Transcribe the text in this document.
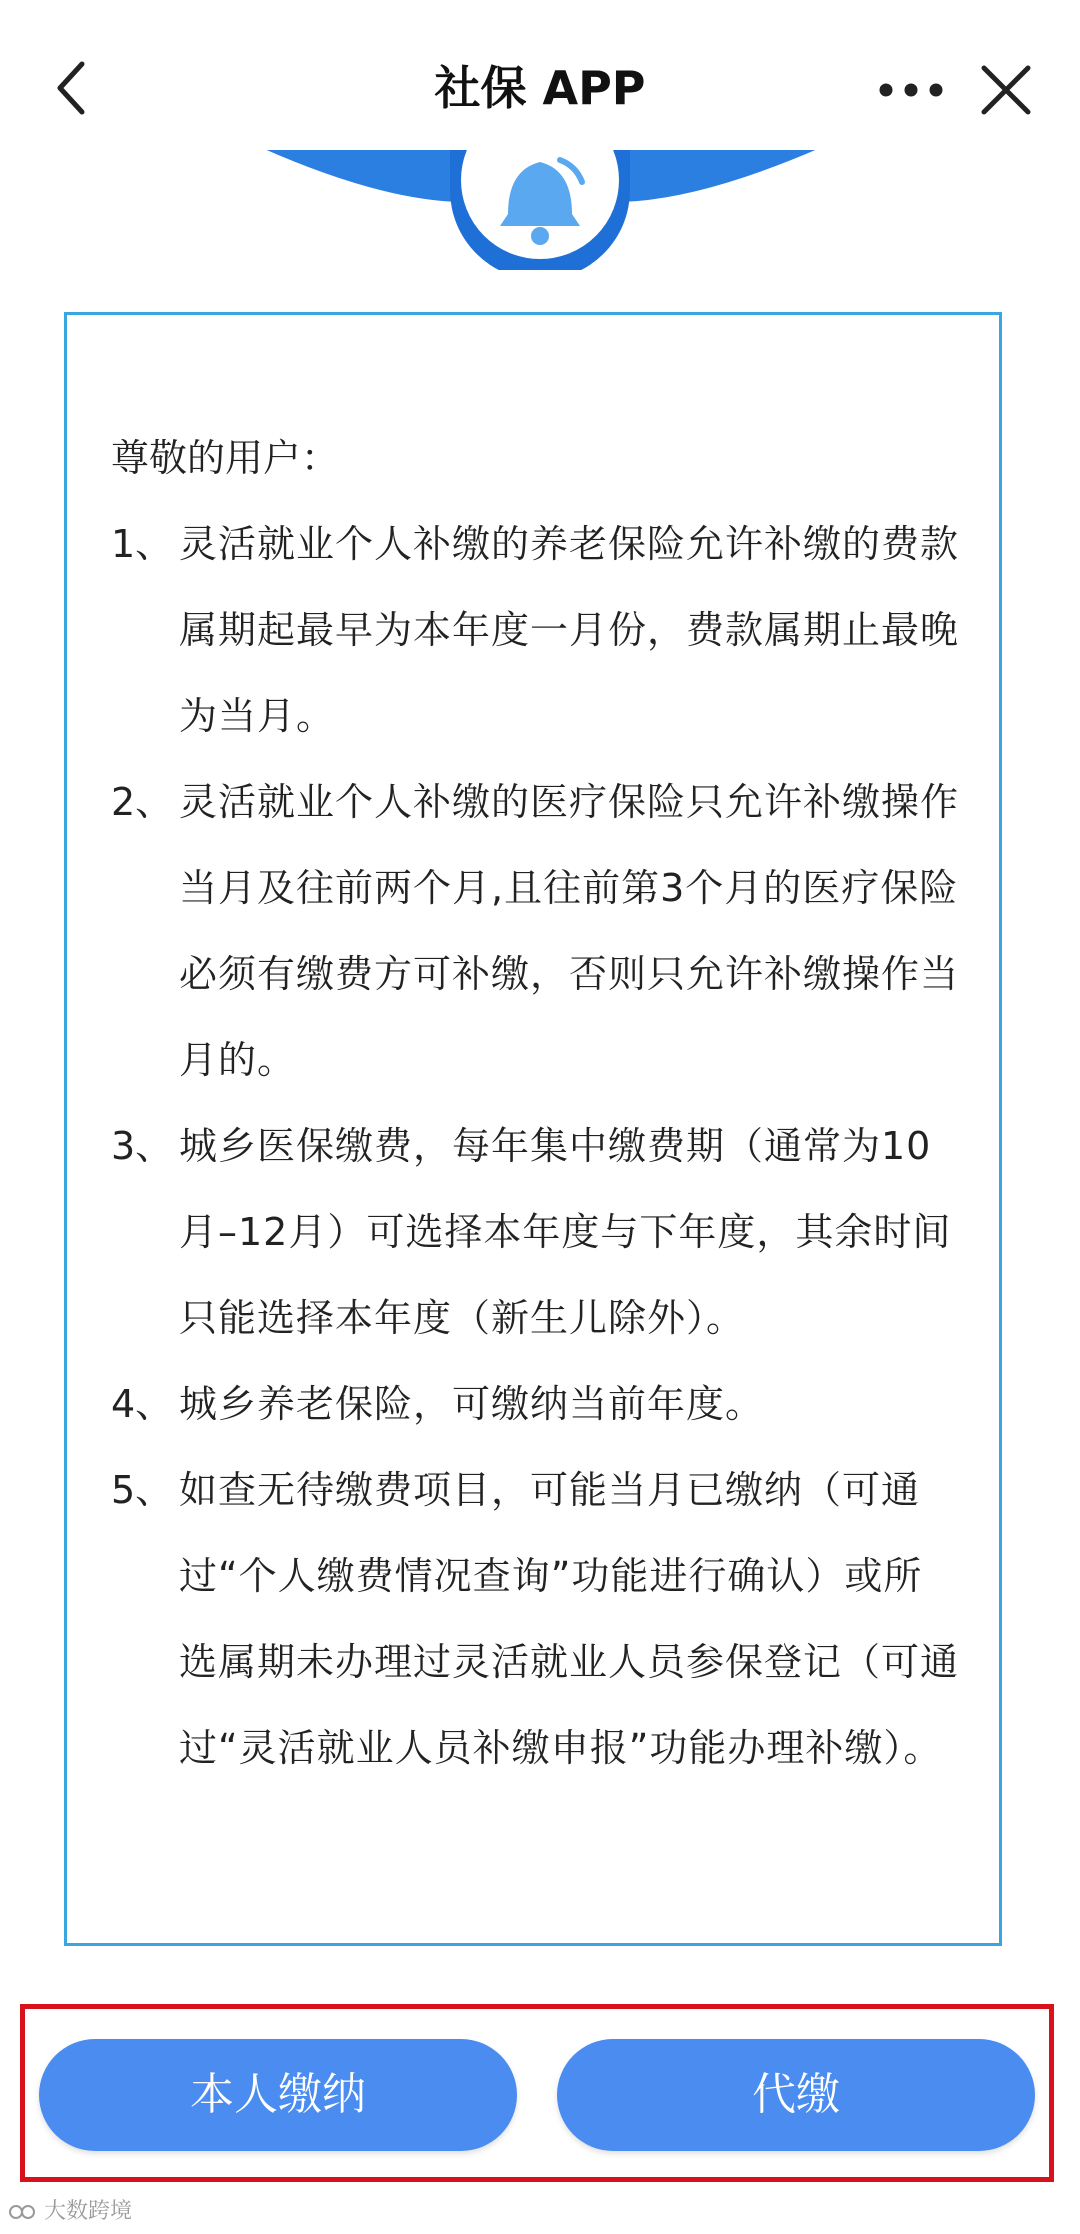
社保 APP
尊敬的用户：
1、 灵活就业个人补缴的养老保险允许补缴的费款属期起最早为本年度一月份，费款属期止最晚为当月。
2、 灵活就业个人补缴的医疗保险只允许补缴操作当月及往前两个月,且往前第3个月的医疗保险必须有缴费方可补缴，否则只允许补缴操作当月的。
3、 城乡医保缴费，每年集中缴费期（通常为10月–12月）可选择本年度与下年度，其余时间只能选择本年度（新生儿除外）。
4、 城乡养老保险，可缴纳当前年度。
5、 如查无待缴费项目，可能当月已缴纳（可通过“个人缴费情况查询”功能进行确认）或所选属期未办理过灵活就业人员参保登记（可通过“灵活就业人员补缴申报”功能办理补缴）。
本人缴纳	代缴
大数跨境
